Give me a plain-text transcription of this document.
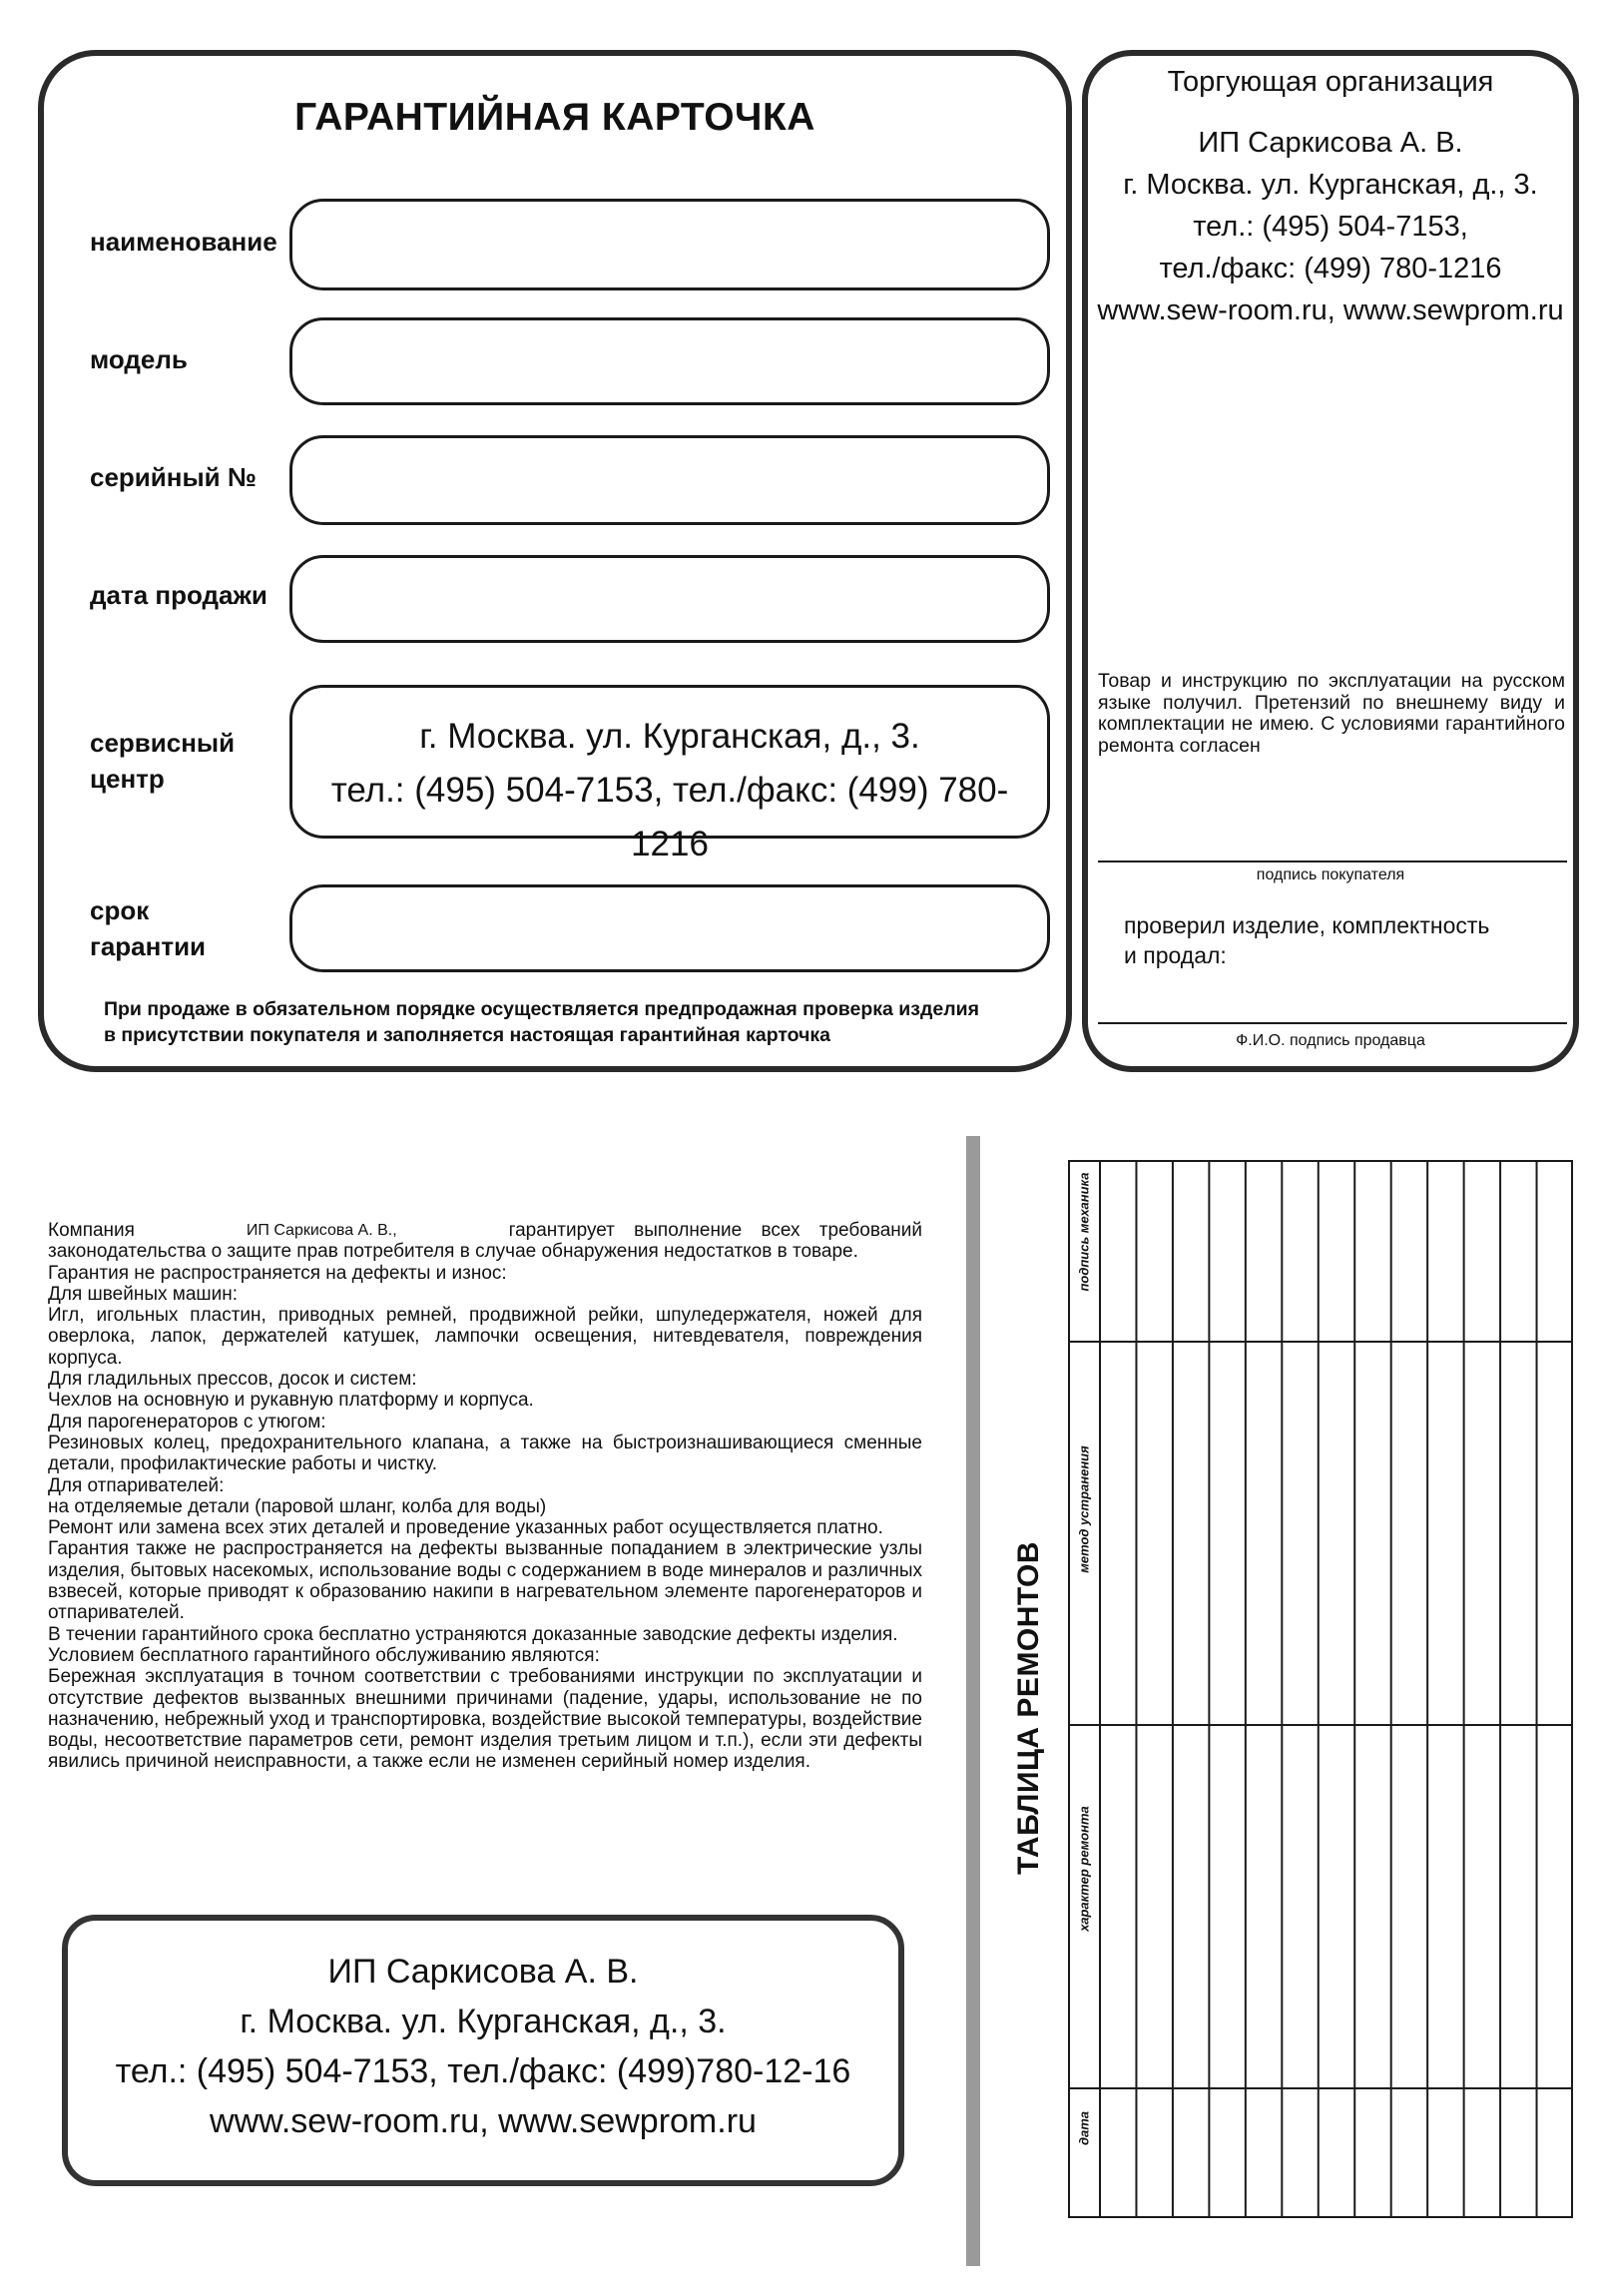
ГАРАНТИЙНАЯ КАРТОЧКА
наименование
модель
серийный №
дата продажи
сервисный
центр
г. Москва. ул. Курганская, д., 3.
тел.: (495) 504-7153, тел./факс: (499) 780-1216
срок
гарантии
При продаже в обязательном порядке осуществляется предпродажная проверка изделия
в присутствии покупателя и заполняется настоящая гарантийная карточка
Торгующая организация
ИП Саркисова А. В.
г. Москва. ул. Курганская, д., 3.
тел.: (495) 504-7153,
тел./факс: (499) 780-1216
www.sew-room.ru, www.sewprom.ru
Товар и инструкцию по эксплуатации на русском языке получил. Претензий по внешнему виду и комплектации не имею. С условиями гарантийного ремонта согласен
подпись покупателя
проверил изделие, комплектность
и продал:
Ф.И.О. подпись продавца
Компания	ИП Саркисова А. В.,	гарантирует выполнение всех требований
законодательства о защите прав потребителя в случае обнаружения недостатков в товаре.
Гарантия не распространяется на дефекты и износ:
Для швейных машин:
Игл, игольных пластин, приводных ремней, продвижной рейки, шпуледержателя, ножей для оверлока, лапок, держателей катушек, лампочки освещения, нитевдевателя, повреждения корпуса.
Для гладильных прессов, досок и систем:
Чехлов на основную и рукавную платформу и корпуса.
Для парогенераторов с утюгом:
Резиновых колец, предохранительного клапана, а также на быстроизнашивающиеся сменные детали, профилактические работы и чистку.
Для отпаривателей:
на отделяемые детали (паровой шланг, колба для воды)
Ремонт или замена всех этих деталей и проведение указанных работ осуществляется платно.
Гарантия также не распространяется на дефекты вызванные попаданием в электрические узлы изделия, бытовых насекомых, использование воды с содержанием в воде минералов и различных взвесей, которые приводят к образованию накипи в нагревательном элементе парогенераторов и отпаривателей.
В течении гарантийного срока бесплатно устраняются доказанные заводские дефекты изделия.
Условием бесплатного гарантийного обслуживанию являются:
Бережная эксплуатация в точном соответствии с требованиями инструкции по эксплуатации и отсутствие дефектов вызванных внешними причинами (падение, удары, использование не по назначению, небрежный уход и транспортировка, воздействие высокой температуры, воздействие воды, несоответствие параметров сети, ремонт изделия третьим лицом и т.п.), если эти дефекты явились причиной неисправности, а также если не изменен серийный номер изделия.
ИП Саркисова А. В.
г. Москва. ул. Курганская, д., 3.
тел.: (495) 504-7153, тел./факс: (499)780-12-16
www.sew-room.ru, www.sewprom.ru
ТАБЛИЦА РЕМОНТОВ
дата
характер ремонта
метод устранения
подпись механика
